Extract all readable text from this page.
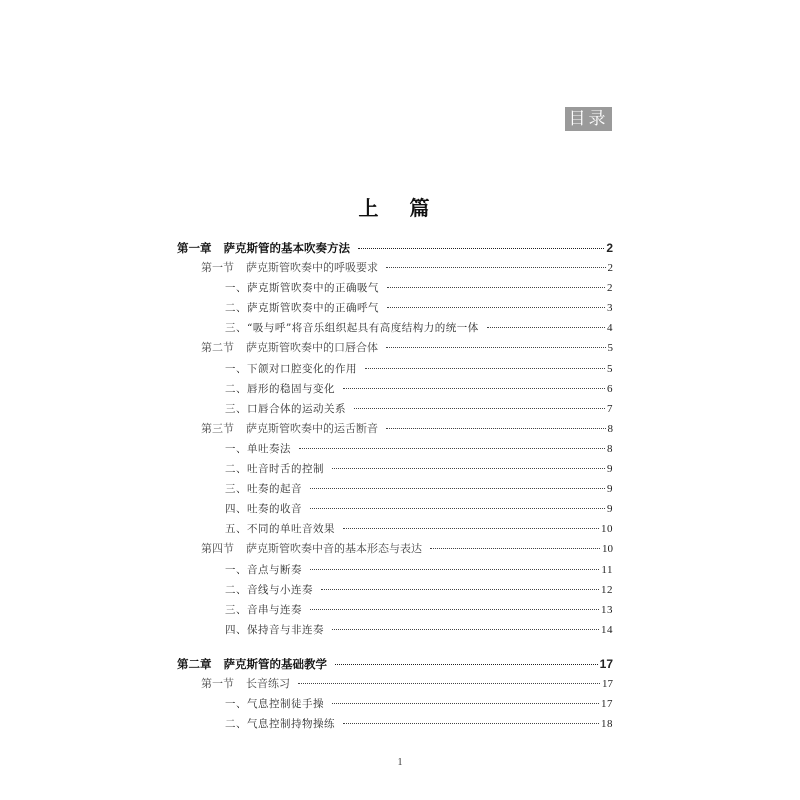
目录
上 篇
第一章 萨克斯管的基本吹奏方法	2
第一节 萨克斯管吹奏中的呼吸要求	2
一、萨克斯管吹奏中的正确吸气	2
二、萨克斯管吹奏中的正确呼气	3
三、“吸与呼”将音乐组织起具有高度结构力的统一体	4
第二节 萨克斯管吹奏中的口唇合体	5
一、下颌对口腔变化的作用	5
二、唇形的稳固与变化	6
三、口唇合体的运动关系	7
第三节 萨克斯管吹奏中的运舌断音	8
一、单吐奏法	8
二、吐音时舌的控制	9
三、吐奏的起音	9
四、吐奏的收音	9
五、不同的单吐音效果	10
第四节 萨克斯管吹奏中音的基本形态与表达	10
一、音点与断奏	11
二、音线与小连奏	12
三、音串与连奏	13
四、保持音与非连奏	14
第二章 萨克斯管的基础教学	17
第一节 长音练习	17
一、气息控制徒手操	17
二、气息控制持物操练	18
1
